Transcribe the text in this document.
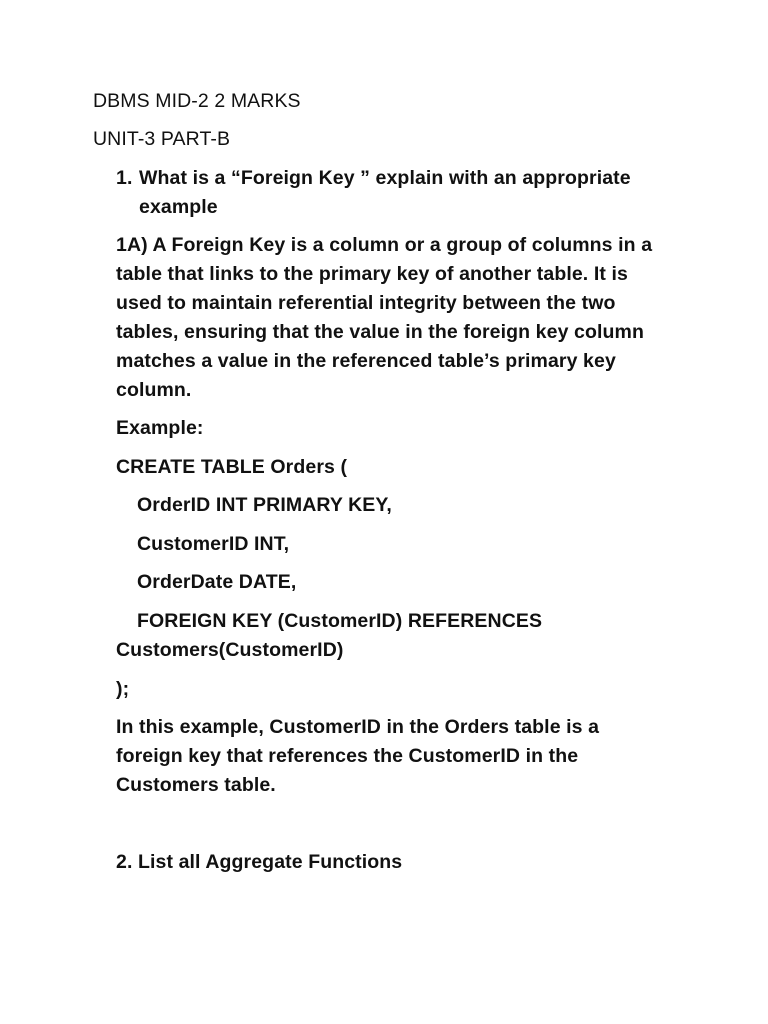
DBMS MID-2 2 MARKS
UNIT-3 PART-B
1. What is a “Foreign Key ” explain with an appropriate
example
1A) A Foreign Key is a column or a group of columns in a
table that links to the primary key of another table. It is
used to maintain referential integrity between the two
tables, ensuring that the value in the foreign key column
matches a value in the referenced table’s primary key
column.
Example:
CREATE TABLE Orders (
OrderID INT PRIMARY KEY,
CustomerID INT,
OrderDate DATE,
FOREIGN KEY (CustomerID) REFERENCES
Customers(CustomerID)
);
In this example, CustomerID in the Orders table is a
foreign key that references the CustomerID in the
Customers table.
2. List all Aggregate Functions
